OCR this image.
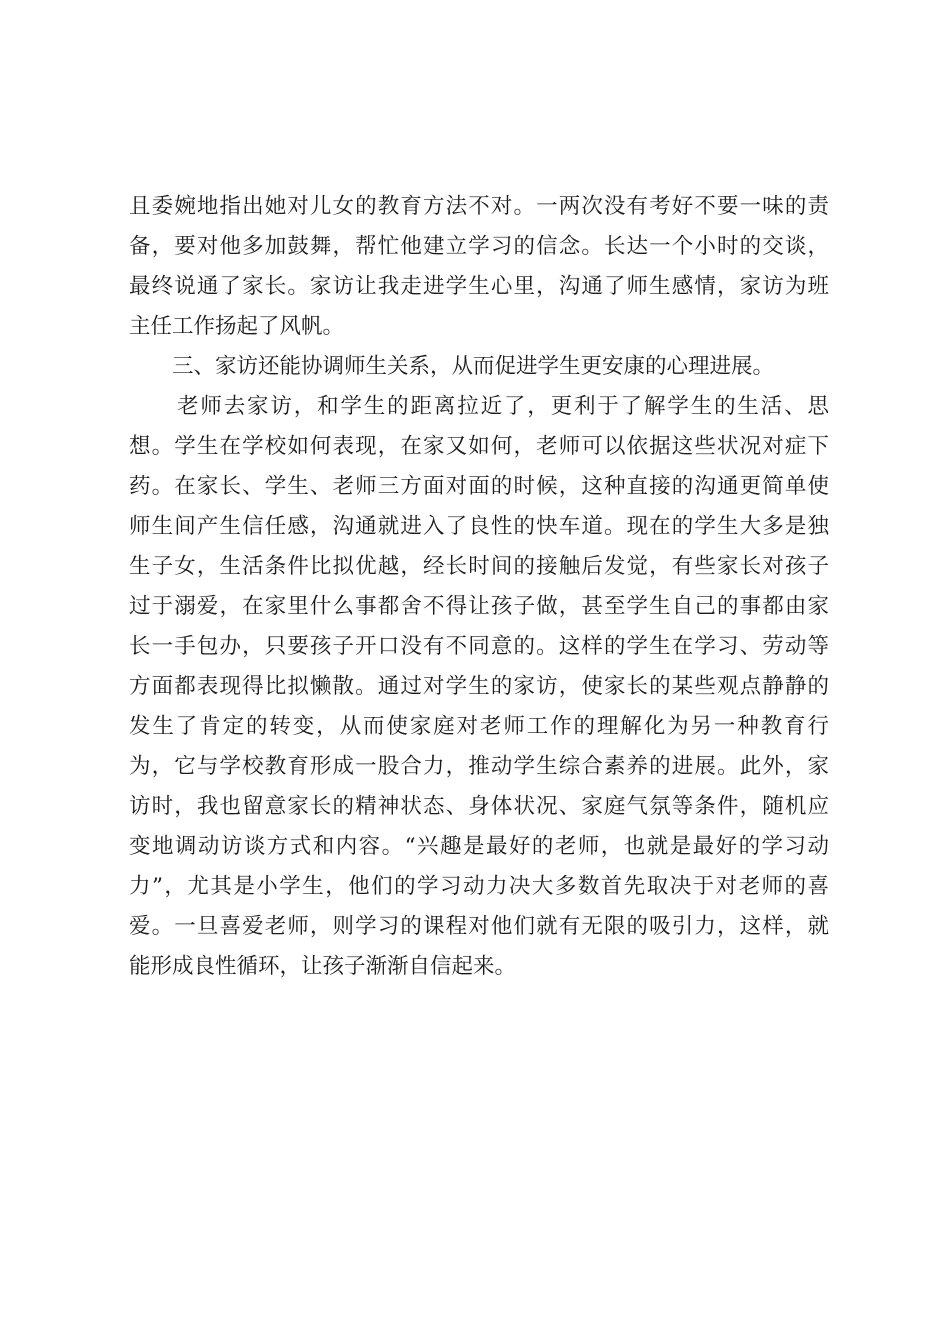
且委婉地指出她对儿女的教育方法不对。一两次没有考好不要一味的责
备，要对他多加鼓舞，帮忙他建立学习的信念。长达一个小时的交谈，
最终说通了家长。家访让我走进学生心里，沟通了师生感情，家访为班
主任工作扬起了风帆。
三、家访还能协调师生关系，从而促进学生更安康的心理进展。
老师去家访，和学生的距离拉近了，更利于了解学生的生活、思
想。学生在学校如何表现，在家又如何，老师可以依据这些状况对症下
药。在家长、学生、老师三方面对面的时候，这种直接的沟通更简单使
师生间产生信任感，沟通就进入了良性的快车道。现在的学生大多是独
生子女，生活条件比拟优越，经长时间的接触后发觉，有些家长对孩子
过于溺爱，在家里什么事都舍不得让孩子做，甚至学生自己的事都由家
长一手包办，只要孩子开口没有不同意的。这样的学生在学习、劳动等
方面都表现得比拟懒散。通过对学生的家访，使家长的某些观点静静的
发生了肯定的转变，从而使家庭对老师工作的理解化为另一种教育行
为，它与学校教育形成一股合力，推动学生综合素养的进展。此外，家
访时，我也留意家长的精神状态、身体状况、家庭气氛等条件，随机应
变地调动访谈方式和内容。“兴趣是最好的老师，也就是最好的学习动
力”，尤其是小学生，他们的学习动力决大多数首先取决于对老师的喜
爱。一旦喜爱老师，则学习的课程对他们就有无限的吸引力，这样，就
能形成良性循环，让孩子渐渐自信起来。
